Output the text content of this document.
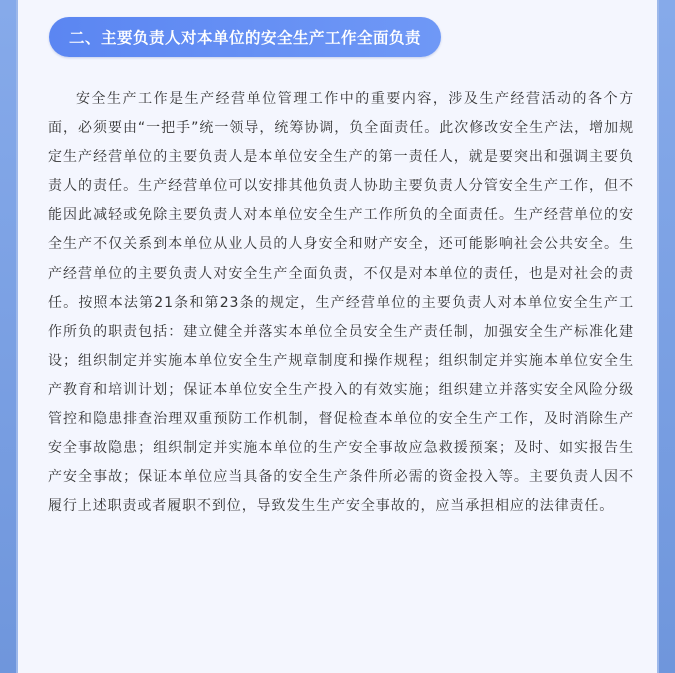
二、主要负责人对本单位的安全生产工作全面负责

安全生产工作是生产经营单位管理工作中的重要内容，涉及生产经营活动的各个方面，必须要由“一把手”统一领导，统筹协调，负全面责任。此次修改安全生产法，增加规定生产经营单位的主要负责人是本单位安全生产的第一责任人，就是要突出和强调主要负责人的责任。生产经营单位可以安排其他负责人协助主要负责人分管安全生产工作，但不能因此减轻或免除主要负责人对本单位安全生产工作所负的全面责任。生产经营单位的安全生产不仅关系到本单位从业人员的人身安全和财产安全，还可能影响社会公共安全。生产经营单位的主要负责人对安全生产全面负责，不仅是对本单位的责任，也是对社会的责任。按照本法第21条和第23条的规定，生产经营单位的主要负责人对本单位安全生产工作所负的职责包括：建立健全并落实本单位全员安全生产责任制，加强安全生产标准化建设；组织制定并实施本单位安全生产规章制度和操作规程；组织制定并实施本单位安全生产教育和培训计划；保证本单位安全生产投入的有效实施；组织建立并落实安全风险分级管控和隐患排查治理双重预防工作机制，督促检查本单位的安全生产工作，及时消除生产安全事故隐患；组织制定并实施本单位的生产安全事故应急救援预案；及时、如实报告生产安全事故；保证本单位应当具备的安全生产条件所必需的资金投入等。主要负责人因不履行上述职责或者履职不到位，导致发生生产安全事故的，应当承担相应的法律责任。
